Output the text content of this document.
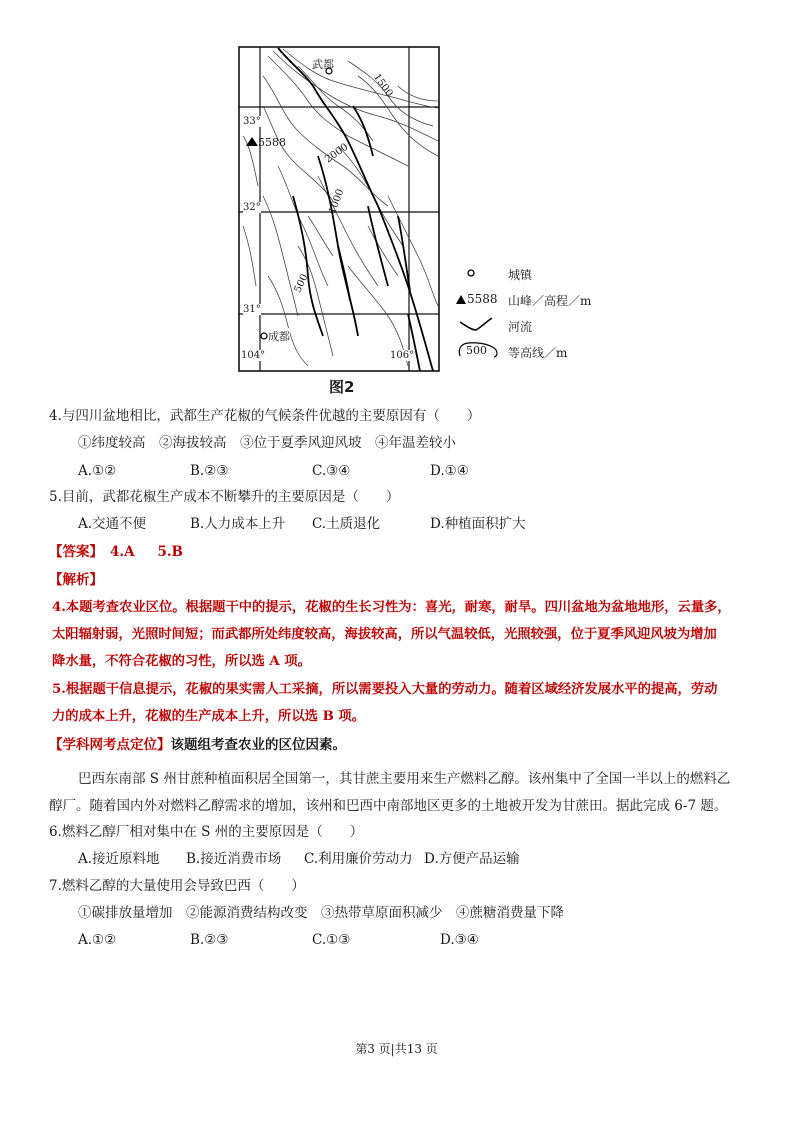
武都
5588
1500
2000
1000
500
33°
32°
31°
104°	106°
成都
城镇
5588 山峰／高程／m
河流
500 等高线／m
图2
4.与四川盆地相比，武都生产花椒的气候条件优越的主要原因有（　　）
①纬度较高　②海拔较高　③位于夏季风迎风坡　④年温差较小
A.①②	B.②③	C.③④	D.①④
5.目前，武都花椒生产成本不断攀升的主要原因是（　　）
A.交通不便	B.人力成本上升 C.土质退化	D.种植面积扩大
【答案】 4.A　  5.B
【解析】
4.本题考查农业区位。根据题干中的提示，花椒的生长习性为：喜光，耐寒，耐旱。四川盆地为盆地地形，云量多，
太阳辐射弱，光照时间短；而武都所处纬度较高，海拔较高，所以气温较低，光照较强，位于夏季风迎风坡为增加
降水量，不符合花椒的习性，所以选 A 项。
5.根据题干信息提示，花椒的果实需人工采摘，所以需要投入大量的劳动力。随着区域经济发展水平的提高，劳动
力的成本上升，花椒的生产成本上升，所以选 B 项。
【学科网考点定位】该题组考查农业的区位因素。
巴西东南部 S 州甘蔗种植面积居全国第一，其甘蔗主要用来生产燃料乙醇。该州集中了全国一半以上的燃料乙
醇厂。随着国内外对燃料乙醇需求的增加，该州和巴西中南部地区更多的土地被开发为甘蔗田。据此完成 6-7 题。
6.燃料乙醇厂相对集中在 S 州的主要原因是（　　）
A.接近原料地 B.接近消费市场 C.利用廉价劳动力 D.方便产品运输
7.燃料乙醇的大量使用会导致巴西（　　）
①碳排放量增加　②能源消费结构改变　③热带草原面积减少　④蔗糖消费量下降
A.①②	B.②③	C.①③	D.③④
第3 页|共13 页
